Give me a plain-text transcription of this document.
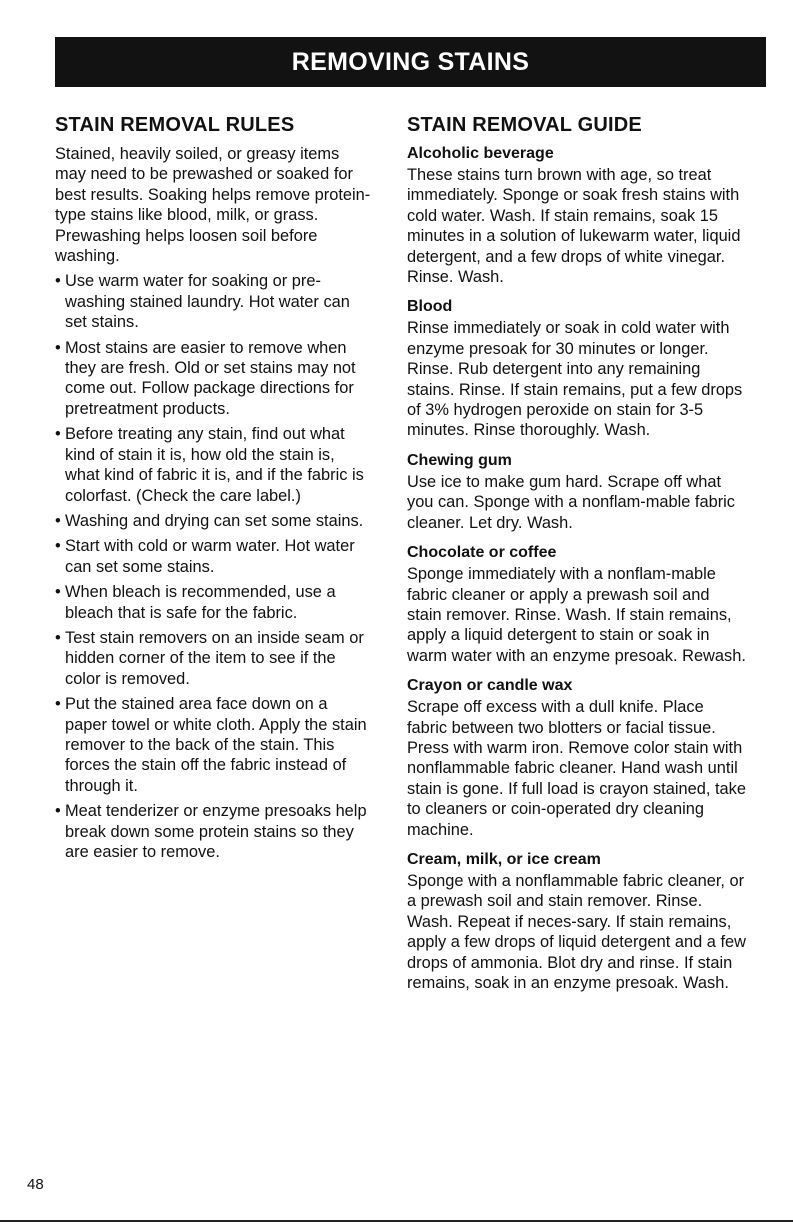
REMOVING STAINS
STAIN REMOVAL RULES

Stained, heavily soiled, or greasy items may need to be prewashed or soaked for best results. Soaking helps remove protein-type stains like blood, milk, or grass. Prewashing helps loosen soil before washing.

• Use warm water for soaking or pre-washing stained laundry. Hot water can set stains.
• Most stains are easier to remove when they are fresh. Old or set stains may not come out. Follow package directions for pretreatment products.
• Before treating any stain, find out what kind of stain it is, how old the stain is, what kind of fabric it is, and if the fabric is colorfast. (Check the care label.)
• Washing and drying can set some stains.
• Start with cold or warm water. Hot water can set some stains.
• When bleach is recommended, use a bleach that is safe for the fabric.
• Test stain removers on an inside seam or hidden corner of the item to see if the color is removed.
• Put the stained area face down on a paper towel or white cloth. Apply the stain remover to the back of the stain. This forces the stain off the fabric instead of through it.
• Meat tenderizer or enzyme presoaks help break down some protein stains so they are easier to remove.
STAIN REMOVAL GUIDE
Alcoholic beverage

These stains turn brown with age, so treat immediately. Sponge or soak fresh stains with cold water. Wash. If stain remains, soak 15 minutes in a solution of lukewarm water, liquid detergent, and a few drops of white vinegar. Rinse. Wash.

Blood

Rinse immediately or soak in cold water with enzyme presoak for 30 minutes or longer. Rinse. Rub detergent into any remaining stains. Rinse. If stain remains, put a few drops of 3% hydrogen peroxide on stain for 3-5 minutes. Rinse thoroughly. Wash.

Chewing gum

Use ice to make gum hard. Scrape off what you can. Sponge with a nonflam-mable fabric cleaner. Let dry. Wash.

Chocolate or coffee

Sponge immediately with a nonflam-mable fabric cleaner or apply a prewash soil and stain remover. Rinse. Wash. If stain remains, apply a liquid detergent to stain or soak in warm water with an enzyme presoak. Rewash.

Crayon or candle wax

Scrape off excess with a dull knife. Place fabric between two blotters or facial tissue. Press with warm iron. Remove color stain with nonflammable fabric cleaner. Hand wash until stain is gone. If full load is crayon stained, take to cleaners or coin-operated dry cleaning machine.

Cream, milk, or ice cream

Sponge with a nonflammable fabric cleaner, or a prewash soil and stain remover. Rinse. Wash. Repeat if neces-sary. If stain remains, apply a few drops of liquid detergent and a few drops of ammonia. Blot dry and rinse. If stain remains, soak in an enzyme presoak. Wash.

48
